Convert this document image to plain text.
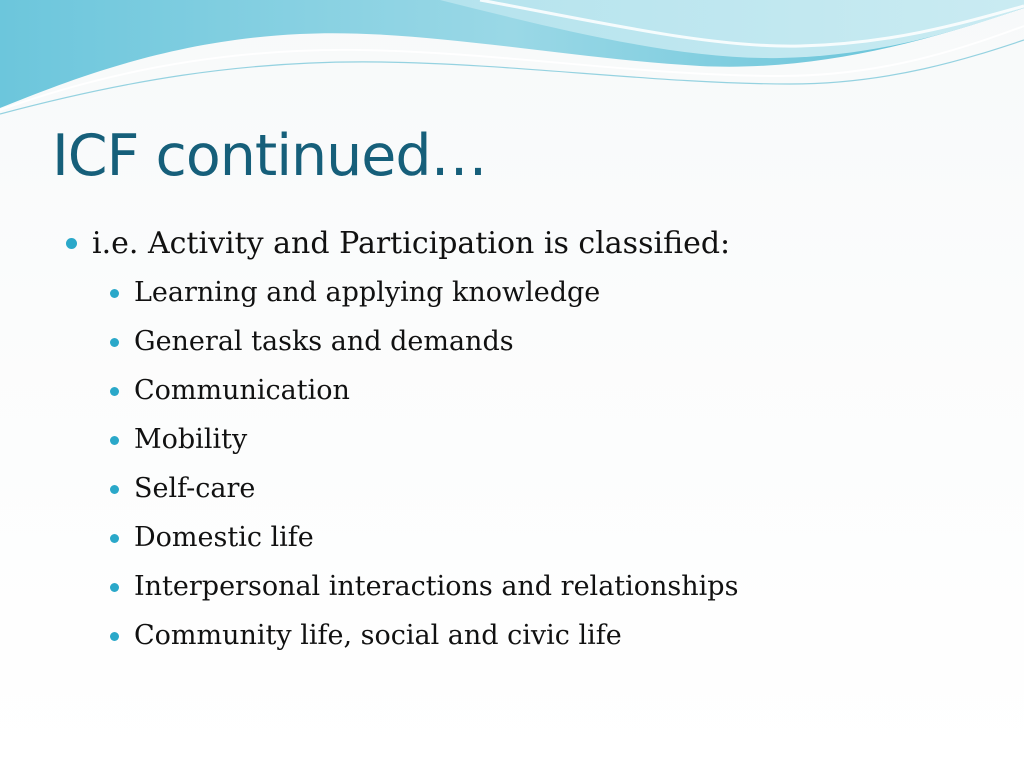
ICF continued…
i.e. Activity and Participation is classified:
Learning and applying knowledge
General tasks and demands
Communication
Mobility
Self-care
Domestic life
Interpersonal interactions and relationships
Community life, social and civic life
